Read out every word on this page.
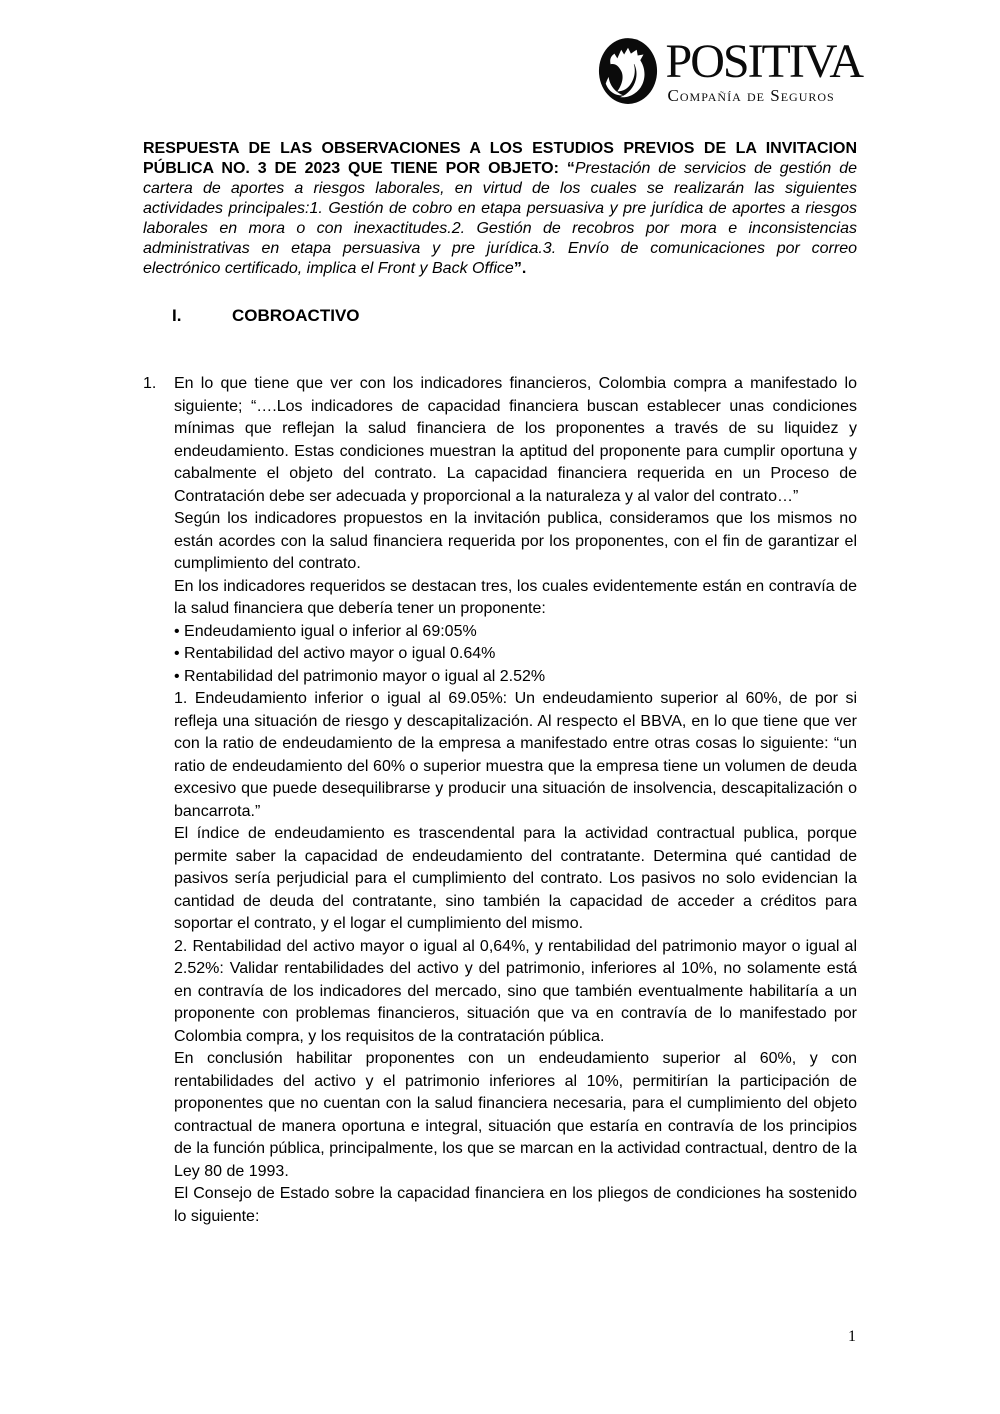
POSITIVA
Compañía de Seguros

RESPUESTA DE LAS OBSERVACIONES A LOS ESTUDIOS PREVIOS DE LA INVITACION PÚBLICA NO. 3 DE 2023 QUE TIENE POR OBJETO: “Prestación de servicios de gestión de cartera de aportes a riesgos laborales, en virtud de los cuales se realizarán las siguientes actividades principales:1. Gestión de cobro en etapa persuasiva y pre jurídica de aportes a riesgos laborales en mora o con inexactitudes.2. Gestión de recobros por mora e inconsistencias administrativas en etapa persuasiva y pre jurídica.3. Envío de comunicaciones por correo electrónico certificado, implica el Front y Back Office”.

I.	COBROACTIVO
1.	En lo que tiene que ver con los indicadores financieros, Colombia compra a manifestado lo siguiente; “….Los indicadores de capacidad financiera buscan establecer unas condiciones mínimas que reflejan la salud financiera de los proponentes a través de su liquidez y endeudamiento. Estas condiciones muestran la aptitud del proponente para cumplir oportuna y cabalmente el objeto del contrato. La capacidad financiera requerida en un Proceso de Contratación debe ser adecuada y proporcional a la naturaleza y al valor del contrato…”

Según los indicadores propuestos en la invitación publica, consideramos que los mismos no están acordes con la salud financiera requerida por los proponentes, con el fin de garantizar el cumplimiento del contrato.

En los indicadores requeridos se destacan tres, los cuales evidentemente están en contravía de la salud financiera que debería tener un proponente:

• Endeudamiento igual o inferior al 69:05%

• Rentabilidad del activo mayor o igual 0.64%

• Rentabilidad del patrimonio mayor o igual al 2.52%

1. Endeudamiento inferior o igual al 69.05%: Un endeudamiento superior al 60%, de por si refleja una situación de riesgo y descapitalización. Al respecto el BBVA, en lo que tiene que ver con la ratio de endeudamiento de la empresa a manifestado entre otras cosas lo siguiente: “un ratio de endeudamiento del 60% o superior muestra que la empresa tiene un volumen de deuda excesivo que puede desequilibrarse y producir una situación de insolvencia, descapitalización o bancarrota.”

El índice de endeudamiento es trascendental para la actividad contractual publica, porque permite saber la capacidad de endeudamiento del contratante. Determina qué cantidad de pasivos sería perjudicial para el cumplimiento del contrato. Los pasivos no solo evidencian la cantidad de deuda del contratante, sino también la capacidad de acceder a créditos para soportar el contrato, y el logar el cumplimiento del mismo.

2. Rentabilidad del activo mayor o igual al 0,64%, y rentabilidad del patrimonio mayor o igual al 2.52%: Validar rentabilidades del activo y del patrimonio, inferiores al 10%, no solamente está en contravía de los indicadores del mercado, sino que también eventualmente habilitaría a un proponente con problemas financieros, situación que va en contravía de lo manifestado por Colombia compra, y los requisitos de la contratación pública.

En conclusión habilitar proponentes con un endeudamiento superior al 60%, y con rentabilidades del activo y el patrimonio inferiores al 10%, permitirían la participación de proponentes que no cuentan con la salud financiera necesaria, para el cumplimiento del objeto contractual de manera oportuna e integral, situación que estaría en contravía de los principios de la función pública, principalmente, los que se marcan en la actividad contractual, dentro de la Ley 80 de 1993.

El Consejo de Estado sobre la capacidad financiera en los pliegos de condiciones ha sostenido lo siguiente:

1
